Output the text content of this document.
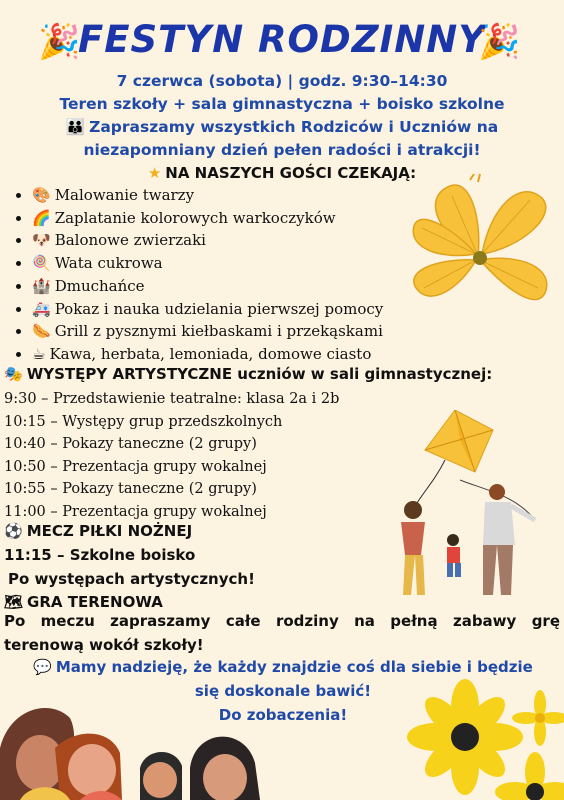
🎉
FESTYN RODZINNY
🎉
7 czerwca (sobota) | godz. 9:30–14:30
Teren szkoły + sala gimnastyczna + boisko szkolne
👪 Zapraszamy wszystkich Rodziców i Uczniów na
niezapomniany dzień pełen radości i atrakcji!
★ NA NASZYCH GOŚCI CZEKAJĄ:
• 🎨 Malowanie twarzy
• 🌈 Zaplatanie kolorowych warkoczyków
• 🐶 Balonowe zwierzaki
• 🍭 Wata cukrowa
• 🏰 Dmuchańce
• 🚑 Pokaz i nauka udzielania pierwszej pomocy
• 🌭 Grill z pysznymi kiełbaskami i przekąskami
• ☕ Kawa, herbata, lemoniada, domowe ciasto
🎭 WYSTĘPY ARTYSTYCZNE uczniów w sali gimnastycznej:
9:30 – Przedstawienie teatralne: klasa 2a i 2b
10:15 – Występy grup przedszkolnych
10:40 – Pokazy taneczne (2 grupy)
10:50 – Prezentacja grupy wokalnej
10:55 – Pokazy taneczne (2 grupy)
11:00 – Prezentacja grupy wokalnej
⚽ MECZ PIŁKI NOŻNEJ
11:15 – Szkolne boisko
Po występach artystycznych!
🗺 GRA TERENOWA
Po meczu zapraszamy całe rodziny na pełną zabawy grę terenową wokół szkoły!
💬 Mamy nadzieję, że każdy znajdzie coś dla siebie i będzie
się doskonale bawić!
Do zobaczenia!
